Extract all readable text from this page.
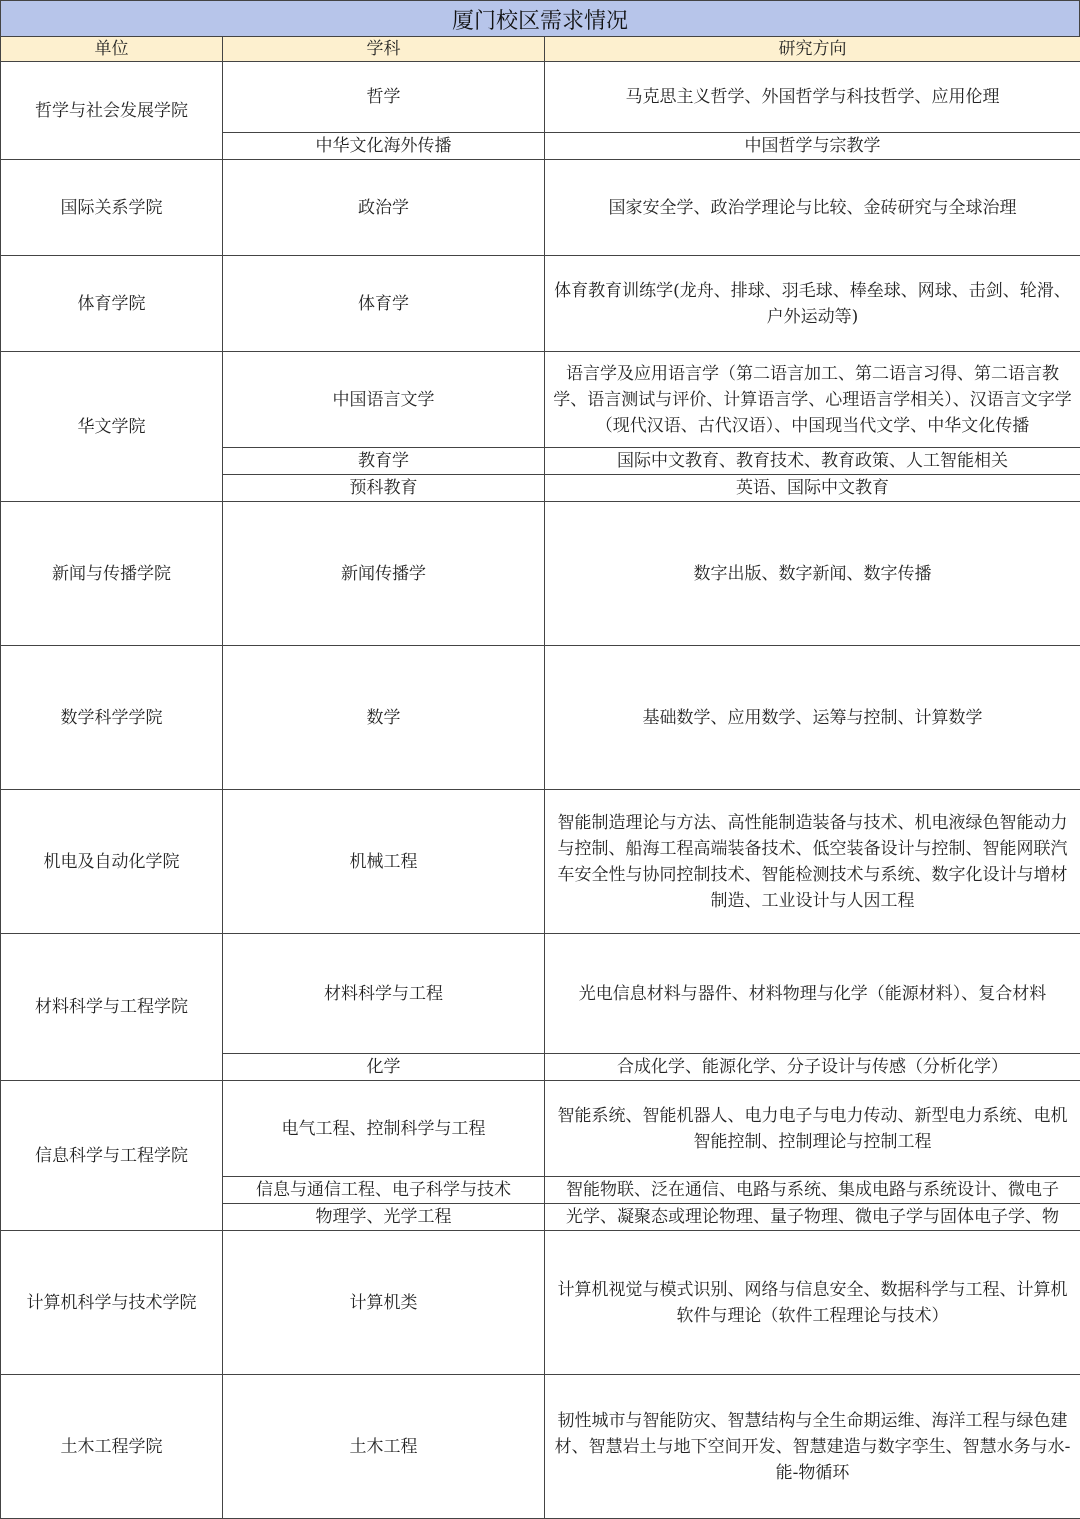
厦门校区需求情况
单位	学科	研究方向
哲学与社会发展学院	哲学	马克思主义哲学、外国哲学与科技哲学、应用伦理
	中华文化海外传播	中国哲学与宗教学
国际关系学院	政治学	国家安全学、政治学理论与比较、金砖研究与全球治理
体育学院	体育学	体育教育训练学(龙舟、排球、羽毛球、棒垒球、网球、击剑、轮滑、户外运动等)
华文学院	中国语言文学	语言学及应用语言学（第二语言加工、第二语言习得、第二语言教学、语言测试与评价、计算语言学、心理语言学相关）、汉语言文字学（现代汉语、古代汉语）、中国现当代文学、中华文化传播
	教育学	国际中文教育、教育技术、教育政策、人工智能相关
	预科教育	英语、国际中文教育
新闻与传播学院	新闻传播学	数字出版、数字新闻、数字传播
数学科学学院	数学	基础数学、应用数学、运筹与控制、计算数学
机电及自动化学院	机械工程	智能制造理论与方法、高性能制造装备与技术、机电液绿色智能动力与控制、船海工程高端装备技术、低空装备设计与控制、智能网联汽车安全性与协同控制技术、智能检测技术与系统、数字化设计与增材制造、工业设计与人因工程
材料科学与工程学院	材料科学与工程	光电信息材料与器件、材料物理与化学（能源材料）、复合材料
	化学	合成化学、能源化学、分子设计与传感（分析化学）
信息科学与工程学院	电气工程、控制科学与工程	智能系统、智能机器人、电力电子与电力传动、新型电力系统、电机智能控制、控制理论与控制工程
	信息与通信工程、电子科学与技术	智能物联、泛在通信、电路与系统、集成电路与系统设计、微电子
	物理学、光学工程	光学、凝聚态或理论物理、量子物理、微电子学与固体电子学、物
计算机科学与技术学院	计算机类	计算机视觉与模式识别、网络与信息安全、数据科学与工程、计算机软件与理论（软件工程理论与技术）
土木工程学院	土木工程	韧性城市与智能防灾、智慧结构与全生命期运维、海洋工程与绿色建材、智慧岩土与地下空间开发、智慧建造与数字孪生、智慧水务与水-能-物循环
